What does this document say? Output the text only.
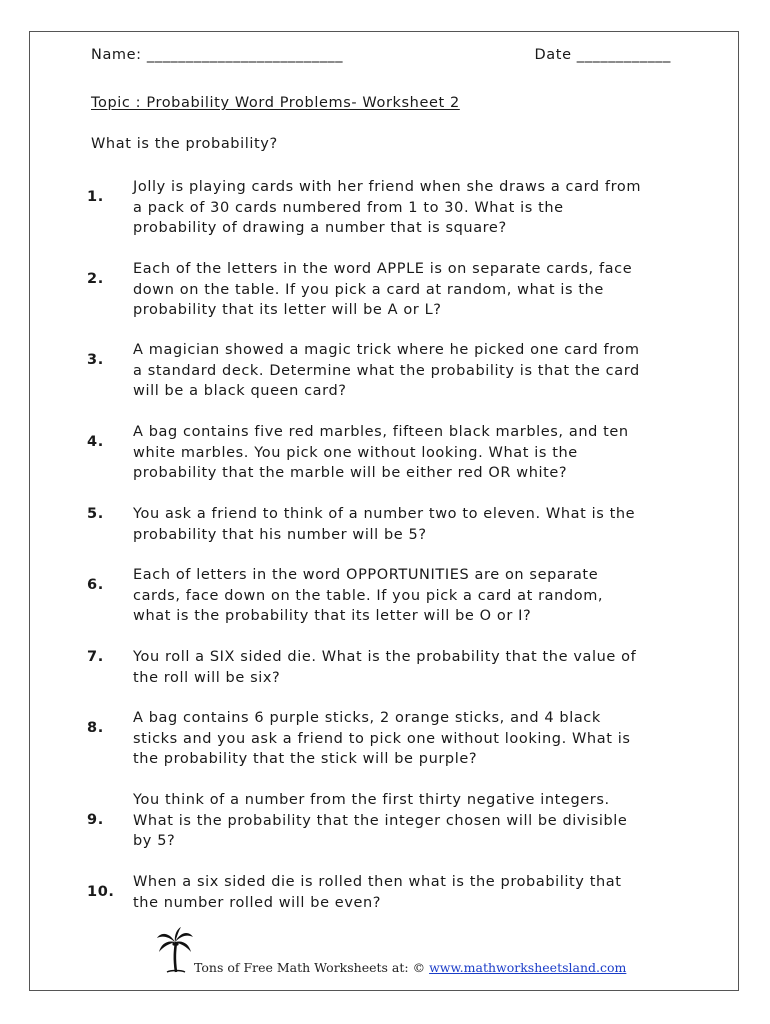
Name: _________________________	Date ____________
Topic : Probability Word Problems- Worksheet 2
What is the probability?
1.
Jolly is playing cards with her friend when she draws a card from
a pack of 30 cards numbered from 1 to 30. What is the
probability of drawing a number that is square?
2.
Each of the letters in the word APPLE is on separate cards, face
down on the table. If you pick a card at random, what is the
probability that its letter will be A or L?
3.
A magician showed a magic trick where he picked one card from
a standard deck. Determine what the probability is that the card
will be a black queen card?
4.
A bag contains five red marbles, fifteen black marbles, and ten
white marbles. You pick one without looking. What is the
probability that the marble will be either red OR white?
5. You ask a friend to think of a number two to eleven. What is the
probability that his number will be 5?
6.
Each of letters in the word OPPORTUNITIES are on separate
cards, face down on the table. If you pick a card at random,
what is the probability that its letter will be O or I?
7. You roll a SIX sided die. What is the probability that the value of
the roll will be six?
8.
A bag contains 6 purple sticks, 2 orange sticks, and 4 black
sticks and you ask a friend to pick one without looking. What is
the probability that the stick will be purple?
9.
You think of a number from the first thirty negative integers.
What is the probability that the integer chosen will be divisible
by 5?
10.
When a six sided die is rolled then what is the probability that
the number rolled will be even?
Tons of Free Math Worksheets at: © www.mathworksheetsland.com
